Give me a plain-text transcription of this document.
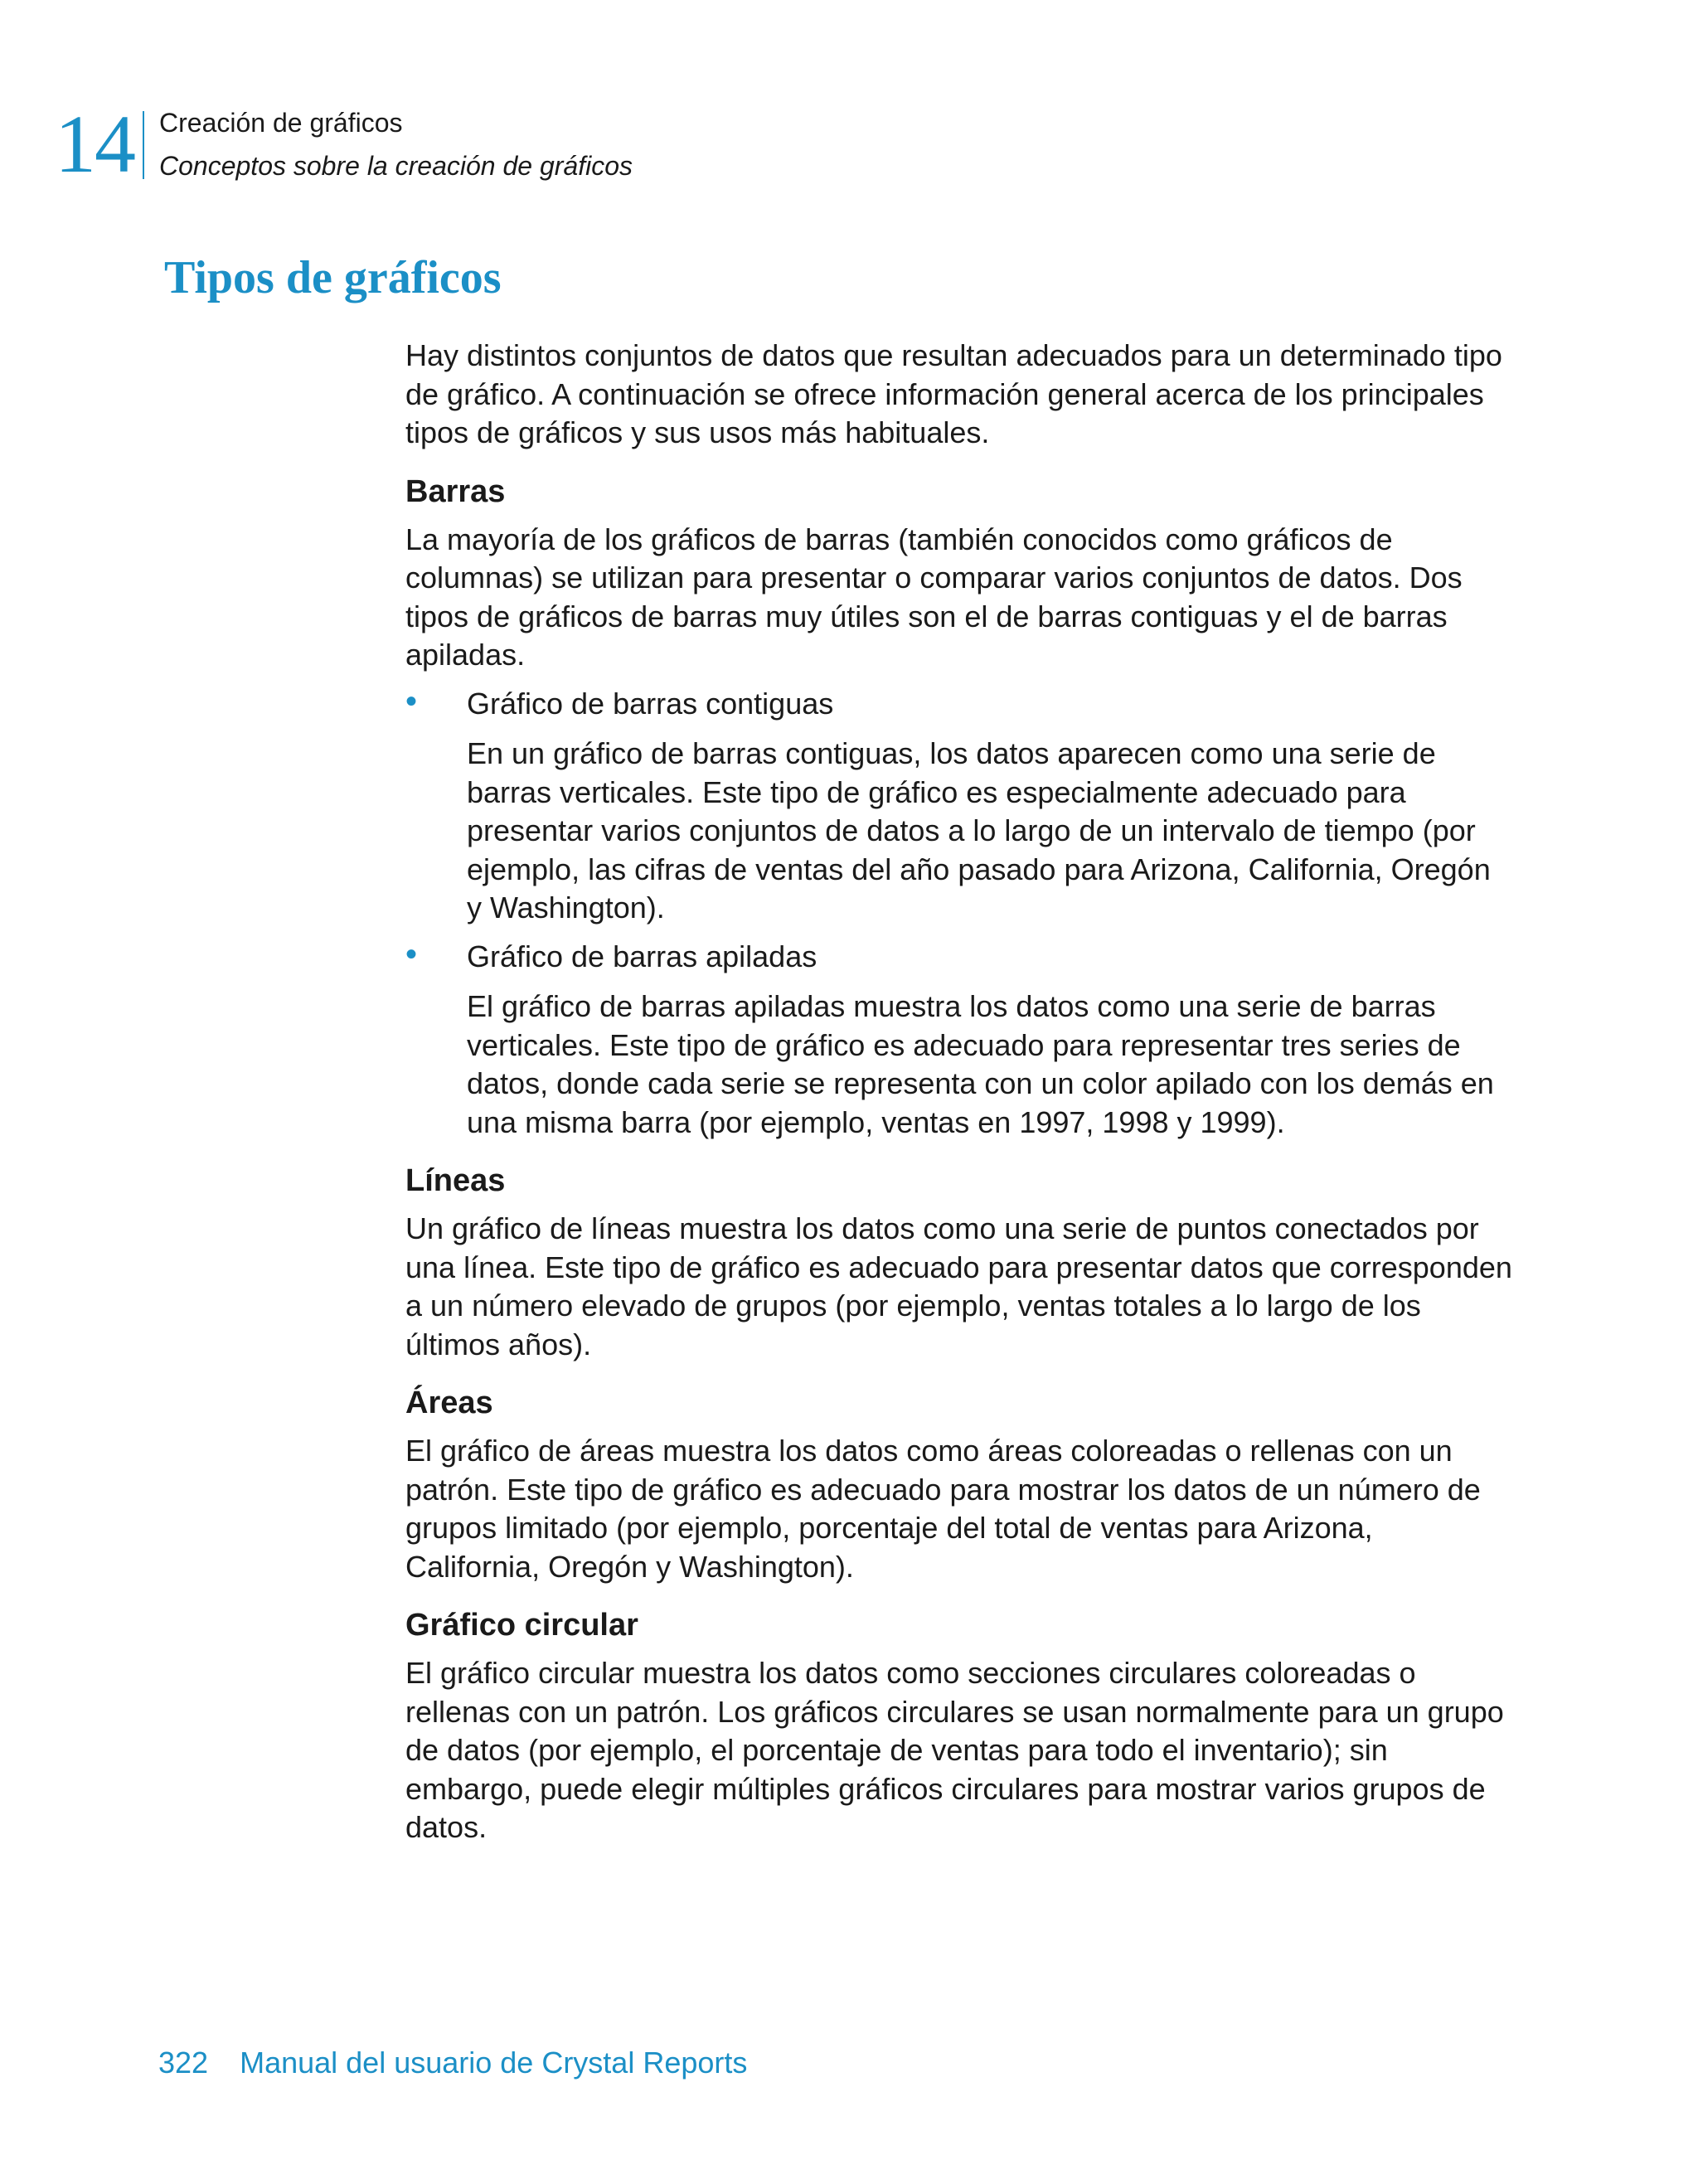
14 Creación de gráficos
Conceptos sobre la creación de gráficos
Tipos de gráficos

Hay distintos conjuntos de datos que resultan adecuados para un determinado tipo de gráfico. A continuación se ofrece información general acerca de los principales tipos de gráficos y sus usos más habituales.

Barras

La mayoría de los gráficos de barras (también conocidos como gráficos de columnas) se utilizan para presentar o comparar varios conjuntos de datos. Dos tipos de gráficos de barras muy útiles son el de barras contiguas y el de barras apiladas.

• Gráfico de barras contiguas

En un gráfico de barras contiguas, los datos aparecen como una serie de barras verticales. Este tipo de gráfico es especialmente adecuado para presentar varios conjuntos de datos a lo largo de un intervalo de tiempo (por ejemplo, las cifras de ventas del año pasado para Arizona, California, Oregón y Washington).

• Gráfico de barras apiladas

El gráfico de barras apiladas muestra los datos como una serie de barras verticales. Este tipo de gráfico es adecuado para representar tres series de datos, donde cada serie se representa con un color apilado con los demás en una misma barra (por ejemplo, ventas en 1997, 1998 y 1999).

Líneas

Un gráfico de líneas muestra los datos como una serie de puntos conectados por una línea. Este tipo de gráfico es adecuado para presentar datos que corresponden a un número elevado de grupos (por ejemplo, ventas totales a lo largo de los últimos años).

Áreas

El gráfico de áreas muestra los datos como áreas coloreadas o rellenas con un patrón. Este tipo de gráfico es adecuado para mostrar los datos de un número de grupos limitado (por ejemplo, porcentaje del total de ventas para Arizona, California, Oregón y Washington).

Gráfico circular

El gráfico circular muestra los datos como secciones circulares coloreadas o rellenas con un patrón. Los gráficos circulares se usan normalmente para un grupo de datos (por ejemplo, el porcentaje de ventas para todo el inventario); sin embargo, puede elegir múltiples gráficos circulares para mostrar varios grupos de datos.

322 Manual del usuario de Crystal Reports
